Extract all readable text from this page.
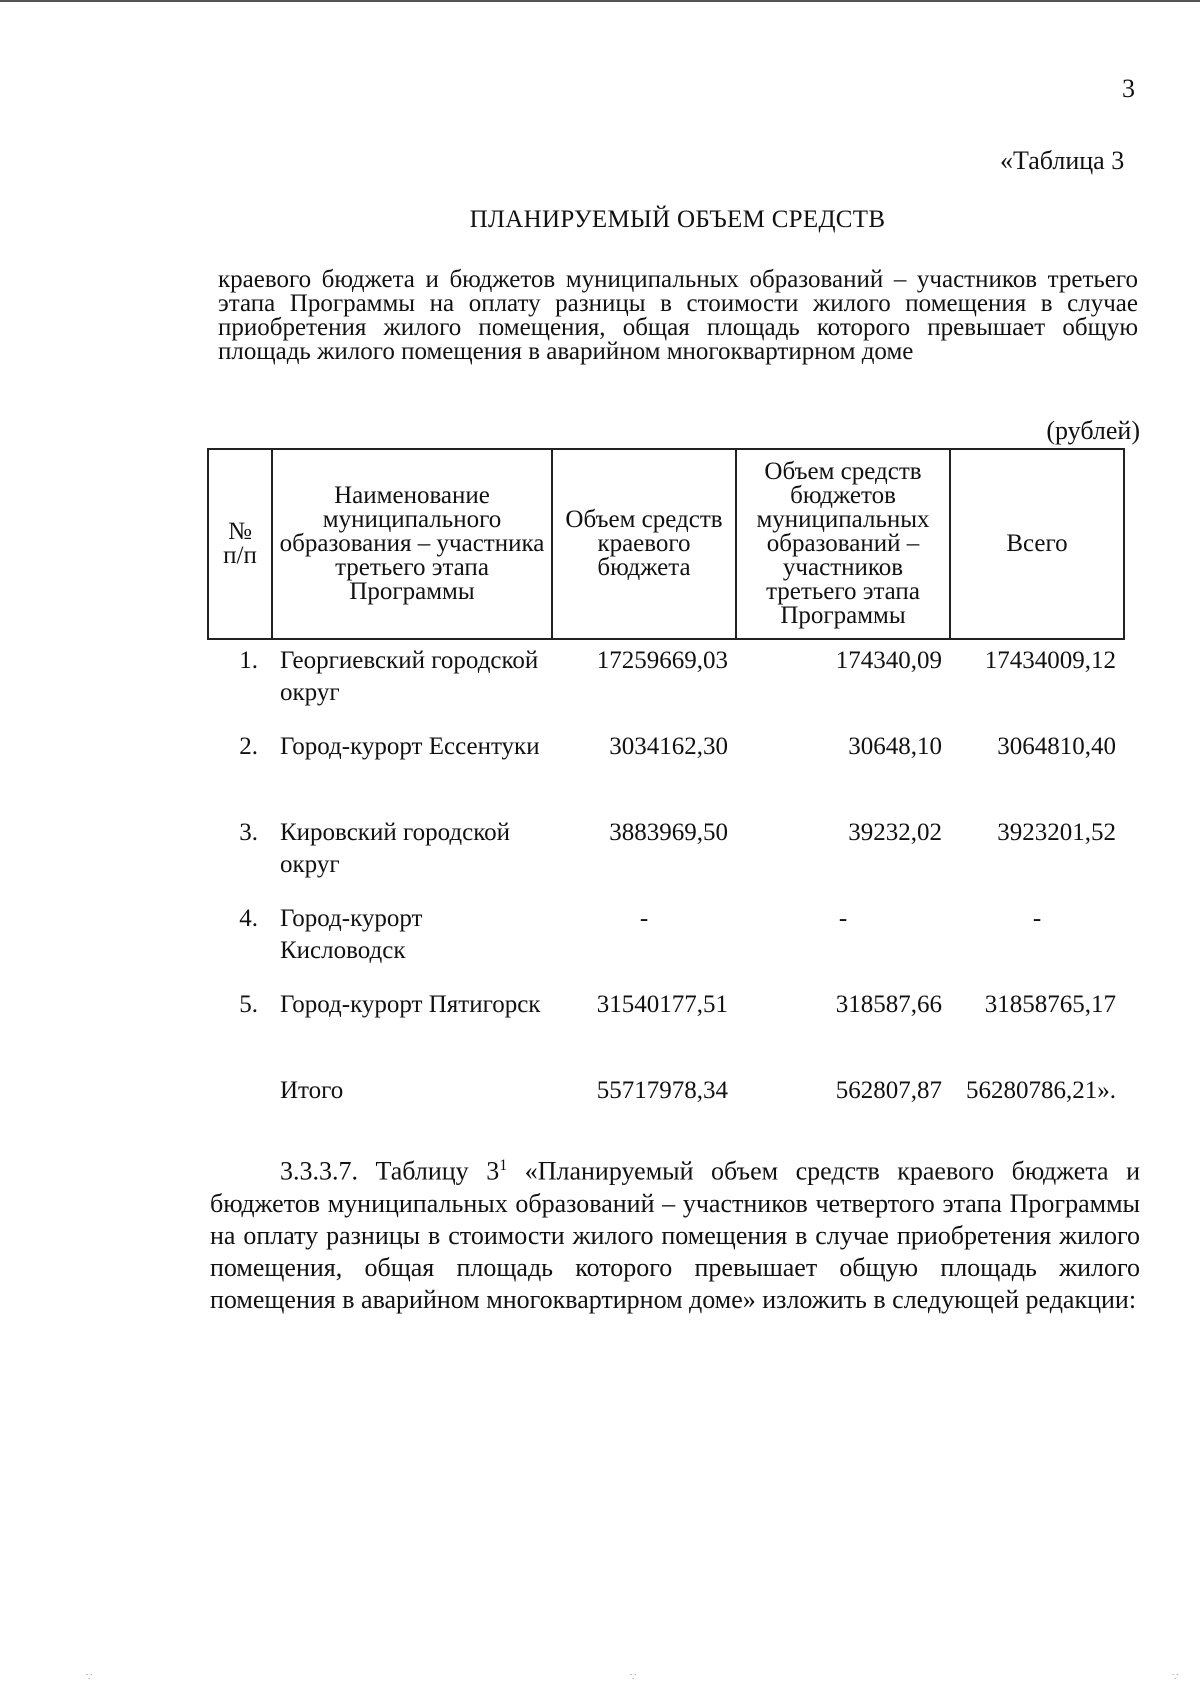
3
«Таблица 3
ПЛАНИРУЕМЫЙ ОБЪЕМ СРЕДСТВ
краевого бюджета и бюджетов муниципальных образований – участников третьего этапа Программы на оплату разницы в стоимости жилого помещения в случае приобретения жилого помещения, общая площадь которого превышает общую площадь жилого помещения в аварийном многоквартирном доме
(рублей)
№ п/п	Наименование муниципального образования – участника третьего этапа Программы	Объем средств краевого бюджета	Объем средств бюджетов муниципальных образований – участников третьего этапа Программы	Всего
1.	Георгиевский городской округ	17259669,03	174340,09	17434009,12
2.	Город-курорт Ессентуки	3034162,30	30648,10	3064810,40
3.	Кировский городской округ	3883969,50	39232,02	3923201,52
4.	Город-курорт Кисловодск	-	-	-
5.	Город-курорт Пятигорск	31540177,51	318587,66	31858765,17
	Итого	55717978,34	562807,87	56280786,21».
3.3.3.7. Таблицу $3^1$ «Планируемый объем средств краевого бюджета и бюджетов муниципальных образований – участников четвертого этапа Программы на оплату разницы в стоимости жилого помещения в случае приобретения жилого помещения, общая площадь которого превышает общую площадь жилого помещения в аварийном многоквартирном доме» изложить в следующей редакции:
∵	∵	∵
